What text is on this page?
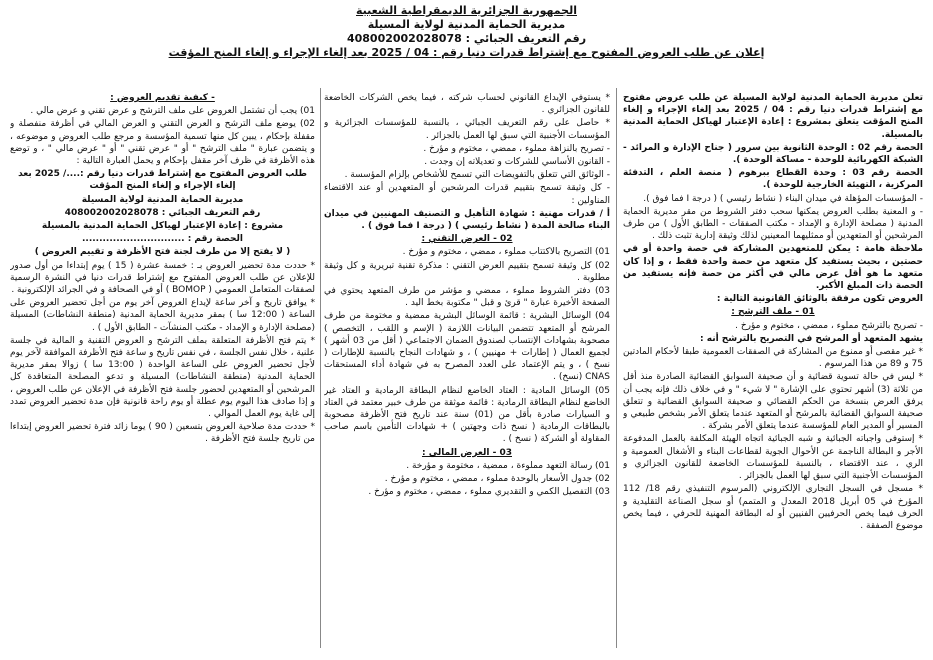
الجمهورية الجزائرية الديمقراطية الشعبية
مديرية الحماية المدنية لولاية المسيلة
رقم التعريف الجبائي : 408002002028078
إعلان عن طلب العروض المفتوح مع إشتراط قدرات دنيا رقم : 04 / 2025 بعد إلغاء الإجراء و إلغاء المنح المؤقت

تعلن مديرية الحماية المدنية لولاية المسيلة عن طلب عروض مفتوح مع إشتراط قدرات دنيا رقم : 04 / 2025 بعد إلغاء الإجراء و إلغاء المنح المؤقت يتعلق بمشروع : إعادة الإعتبار لهياكل الحماية المدنية بالمسيلة.

الحصة رقم 02 : الوحدة الثانوية بين سرور ( جناح الإدارة و المرائد - الشبكة الكهربائية للوحدة - مساكة الوحدة ).

الحصة رقم 03 : وحدة القطاع ببرهوم ( منصة العلم ، التدفئة المركزية ، التهيئة الخارجية للوحدة ).

- المؤسسات المؤهلة في ميدان البناء ( نشاط رئيسي ) ( درجة I فما فوق ).

- و المعنية بطلب العروض يمكنها سحب دفتر الشروط من مقر مديرية الحماية المدنية ( مصلحة الإدارة و الإمداد - مكتب الصفقات - الطابق الأول ) من طرف المرشحين أو المتعهدين أو ممثليهما المعينين لذلك وثيقة إدارية تثبت ذلك .

ملاحظة هامة : يمكن للمتعهدين المشاركة في حصة واحدة أو في حصتين ، بحيث يستفيد كل متعهد من حصة واحدة فقط ، و إذا كان متعهد ما هو أقل عرض مالي في أكثر من حصة فإنه يستفيد من الحصة ذات المبلغ الأكبر.

العروض تكون مرفقة بالوثائق القانونية التالية :

01 - ملف الترشح :

- تصريح بالترشح مملوء ، ممضي ، مختوم و مؤرخ .

يشهد المتعهد أو المرشح في التصريح بالترشح أنه :

* غير مقصى أو ممنوع من المشاركة في الصفقات العمومية طبقا لأحكام المادتين 75 و 89 من هذا المرسوم .

* ليس في حالة تسوية قضائية و أن صحيفة السوابق القضائية الصادرة منذ أقل من ثلاثة (3) أشهر تحتوي على الإشارة " لا شيء " و في خلاف ذلك فإنه يجب أن يرفق العرض بنسخة من الحكم القضائي و صحيفة السوابق القضائية و تتعلق صحيفة السوابق القضائية بالمرشح أو المتعهد عندما يتعلق الأمر بشخص طبيعي و المسير أو المدير العام للمؤسسة عندما يتعلق الأمر بشركة .

* إستوفى واجباته الجبائية و شبه الجبائية اتجاه الهيئة المكلفة بالعمل المدفوعة الأجر و البطالة الناجمة عن الأحوال الجوية لقطاعات البناء و الأشغال العمومية و الري ، عند الاقتضاء ، بالنسبة للمؤسسات الخاضعة للقانون الجزائري و المؤسسات الأجنبية التي سبق لها العمل بالجزائر .

* مسجل في السجل التجاري الإلكتروني (المرسوم التنفيذي رقم 18/ 112 المؤرخ في 05 أبريل 2018 المعدل و المتمم) أو سجل الصناعة التقليدية و الحرف فيما يخص الحرفيين الفنيين أو له البطاقة المهنية للحرفي ، فيما يخص موضوع الصفقة .

* يستوفي الإيداع القانوني لحساب شركته ، فيما يخص الشركات الخاضعة للقانون الجزائري .

* حاصل على رقم التعريف الجبائي ، بالنسبة للمؤسسات الجزائرية و المؤسسات الأجنبية التي سبق لها العمل بالجزائر .

- تصريح بالنزاهة مملوء ، ممضي ، مختوم و مؤرخ .

- القانون الأساسي للشركات و تعديلاته إن وجدت .

- الوثائق التي تتعلق بالتفويضات التي تسمح للأشخاص بإلزام المؤسسة .

- كل وثيقة تسمح بتقييم قدرات المرشحين أو المتعهدين أو عند الاقتضاء المناولين :

أ / قدرات مهنية : شهادة التأهيل و التصنيف المهنيين في ميدان البناء صالحة المدة ( نشاط رئيسي ) ( درجة I فما فوق ) .

02 - العرض التقني :

01) التصريح بالاكتتاب مملوء ، ممضي ، مختوم و مؤرخ .

02) كل وثيقة تسمح بتقييم العرض التقني : مذكرة تقنية تبريرية و كل وثيقة مطلوبة .

03) دفتر الشروط مملوء ، ممضي و مؤشر من طرف المتعهد يحتوي في الصفحة الأخيرة عبارة " قرئ و قبل " مكتوبة بخط اليد .

04) الوسائل البشرية : قائمة الوسائل البشرية ممضية و مختومة من طرف المرشح أو المتعهد تتضمن البيانات اللازمة ( الإسم و اللقب ، التخصص ) مصحوبة بشهادات الإنتساب لصندوق الضمان الاجتماعي ( أقل من 03 أشهر ) لجميع العمال ( إطارات + مهنيين ) ، و شهادات النجاح بالنسبة للإطارات ( نسخ ) ، و يتم الإعتماد على العدد المصرح به في شهادة أداء المستحقات CNAS (نسخ) .

05) الوسائل المادية : العتاد الخاضع لنظام البطاقة الرمادية و العتاد غير الخاضع لنظام البطاقة الرمادية : قائمة موثقة من طرف خبير معتمد في العتاد و السيارات صادرة بأقل من (01) سنة عند تاريخ فتح الأظرفة مصحوبة بالبطاقات الرمادية ( نسخ ذات وجهتين ) + شهادات التأمين باسم صاحب المقاولة أو الشركة ( نسخ ) .

03 - العرض المالي :

01) رسالة التعهد مملوءة ، ممضية ، مختومة و مؤرخة .

02) جدول الأسعار بالوحدة مملوء ، ممضي ، مختوم و مؤرخ .

03) التفصيل الكمي و التقديري مملوء ، ممضي ، مختوم و مؤرخ .

- كيفية تقديم العروض :

01) يجب أن تشتمل العروض على ملف الترشح و عرض تقني و عرض مالي .

02) يوضع ملف الترشح و العرض التقني و العرض المالي في أظرفة منفصلة و مقفلة بإحكام ، يبين كل منها تسمية المؤسسة و مرجع طلب العروض و موضوعه ، و يتضمن عبارة " ملف الترشح " أو " عرض تقني " أو " عرض مالي " ، و توضع هذه الأظرفة في ظرف آخر مقفل بإحكام و يحمل العبارة التالية :

طلب العروض المفتوح مع إشتراط قدرات دنيا رقم :..../ 2025 بعد إلغاء الإجراء و إلغاء المنح المؤقت

مديرية الحماية المدنية لولاية المسيلة

رقم التعريف الجبائي : 408002002028078

مشروع : إعادة الإعتبار لهياكل الحماية المدنية بالمسيلة

الحصة رقم : ..............................

( لا يفتح إلا من طرف لجنة فتح الأظرفة و تقييم العروض )

* حددت مدة تحضير العروض بـ : خمسة عشرة ( 15 ) يوم إبتداءا من أول صدور للإعلان عن طلب العروض المفتوح مع إشتراط قدرات دنيا في النشرة الرسمية لصفقات المتعامل العمومي ( BOMOP ) أو في الصحافة و في الجرائد الإلكترونية .

* يوافق تاريخ و آخر ساعة لإيداع العروض آخر يوم من أجل تحضير العروض على الساعة ( 12:00 سا ) بمقر مديرية الحماية المدنية (منطقة النشاطات) المسيلة (مصلحة الإدارة و الإمداد - مكتب المنشآت - الطابق الأول ) .

* يتم فتح الأظرفة المتعلقة بملف الترشح و العروض التقنية و المالية في جلسة علنية ، خلال نفس الجلسة ، في نفس تاريخ و ساعة فتح الأظرفة الموافقة لآخر يوم لأجل تحضير العروض على الساعة الواحدة ( 13:00 سا ) زوالا بمقر مديرية الحماية المدنية (منطقة النشاطات) المسيلة و تدعو المصلحة المتعاقدة كل المرشحين أو المتعهدين لحضور جلسة فتح الأظرفة في الإعلان عن طلب العروض ، و إذا صادف هذا اليوم يوم عطلة أو يوم راحة قانونية فإن مدة تحضير العروض تمدد إلى غاية يوم العمل الموالي .

* حددت مدة صلاحية العروض بتسعين ( 90 ) يوما زائد فترة تحضير العروض إبتداءا من تاريخ جلسة فتح الأظرفة .
